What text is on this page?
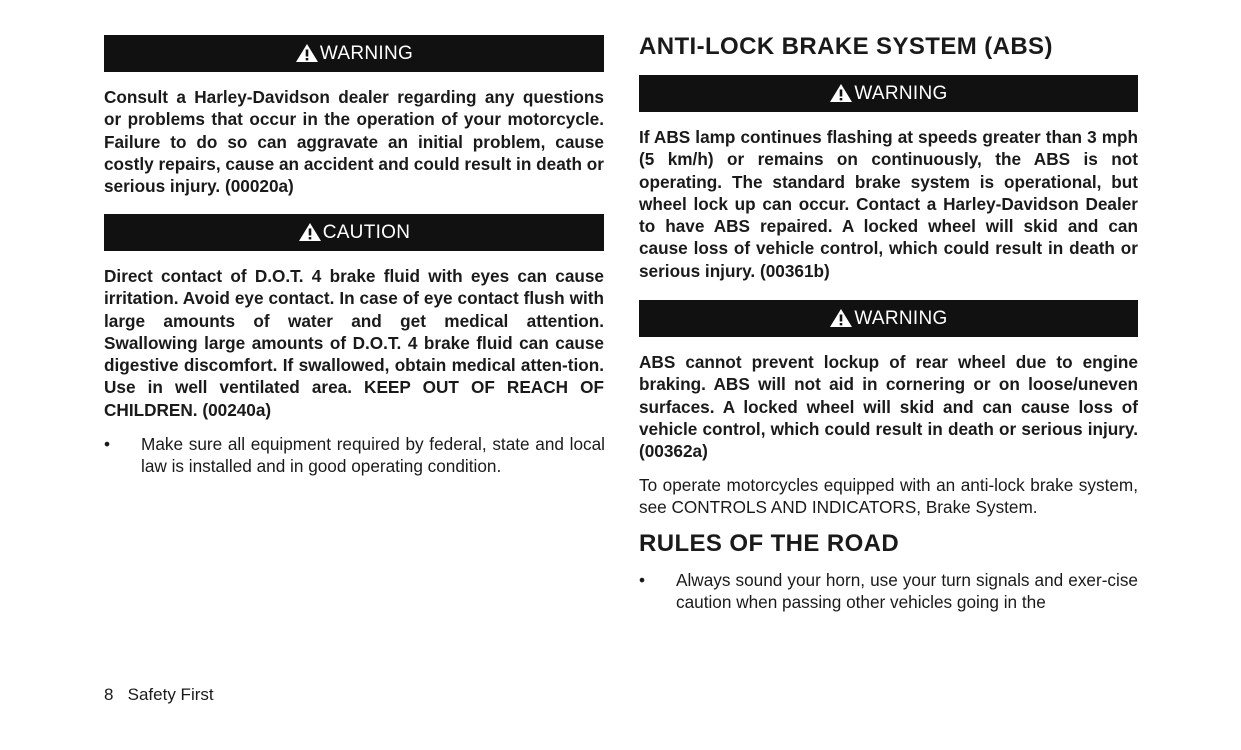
WARNING

Consult a Harley-Davidson dealer regarding any questions or problems that occur in the operation of your motorcycle. Failure to do so can aggravate an initial problem, cause costly repairs, cause an accident and could result in death or serious injury. (00020a)

CAUTION

Direct contact of D.O.T. 4 brake fluid with eyes can cause irritation. Avoid eye contact. In case of eye contact flush with large amounts of water and get medical attention. Swallowing large amounts of D.O.T. 4 brake fluid can cause digestive discomfort. If swallowed, obtain medical atten-tion. Use in well ventilated area. KEEP OUT OF REACH OF CHILDREN. (00240a)

• Make sure all equipment required by federal, state and local law is installed and in good operating condition.
ANTI-LOCK BRAKE SYSTEM (ABS)
WARNING

If ABS lamp continues flashing at speeds greater than 3 mph (5 km/h) or remains on continuously, the ABS is not operating. The standard brake system is operational, but wheel lock up can occur. Contact a Harley-Davidson Dealer to have ABS repaired. A locked wheel will skid and can cause loss of vehicle control, which could result in death or serious injury. (00361b)

WARNING

ABS cannot prevent lockup of rear wheel due to engine braking. ABS will not aid in cornering or on loose/uneven surfaces. A locked wheel will skid and can cause loss of vehicle control, which could result in death or serious injury. (00362a)

To operate motorcycles equipped with an anti-lock brake system, see CONTROLS AND INDICATORS, Brake System.

RULES OF THE ROAD
• Always sound your horn, use your turn signals and exer-cise caution when passing other vehicles going in the
8 Safety First
